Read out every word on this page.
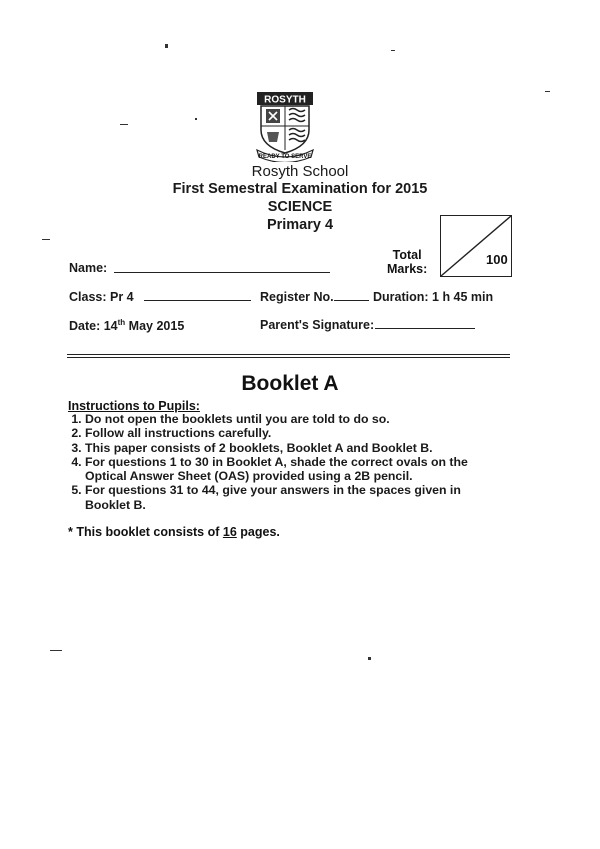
ROSYTH
READY TO SERVE
Rosyth School
First Semestral Examination for 2015
SCIENCE
Primary 4
Total
Marks:
100
Name:
Class: Pr 4	Register No.	Duration: 1 h 45 min
Date: 14th May 2015	Parent's Signature:
Booklet A
Instructions to Pupils:
1. Do not open the booklets until you are told to do so.
2. Follow all instructions carefully.
3. This paper consists of 2 booklets, Booklet A and Booklet B.
4. For questions 1 to 30 in Booklet A, shade the correct ovals on the Optical Answer Sheet (OAS) provided using a 2B pencil.
5. For questions 31 to 44, give your answers in the spaces given in Booklet B.
* This booklet consists of 16 pages.
